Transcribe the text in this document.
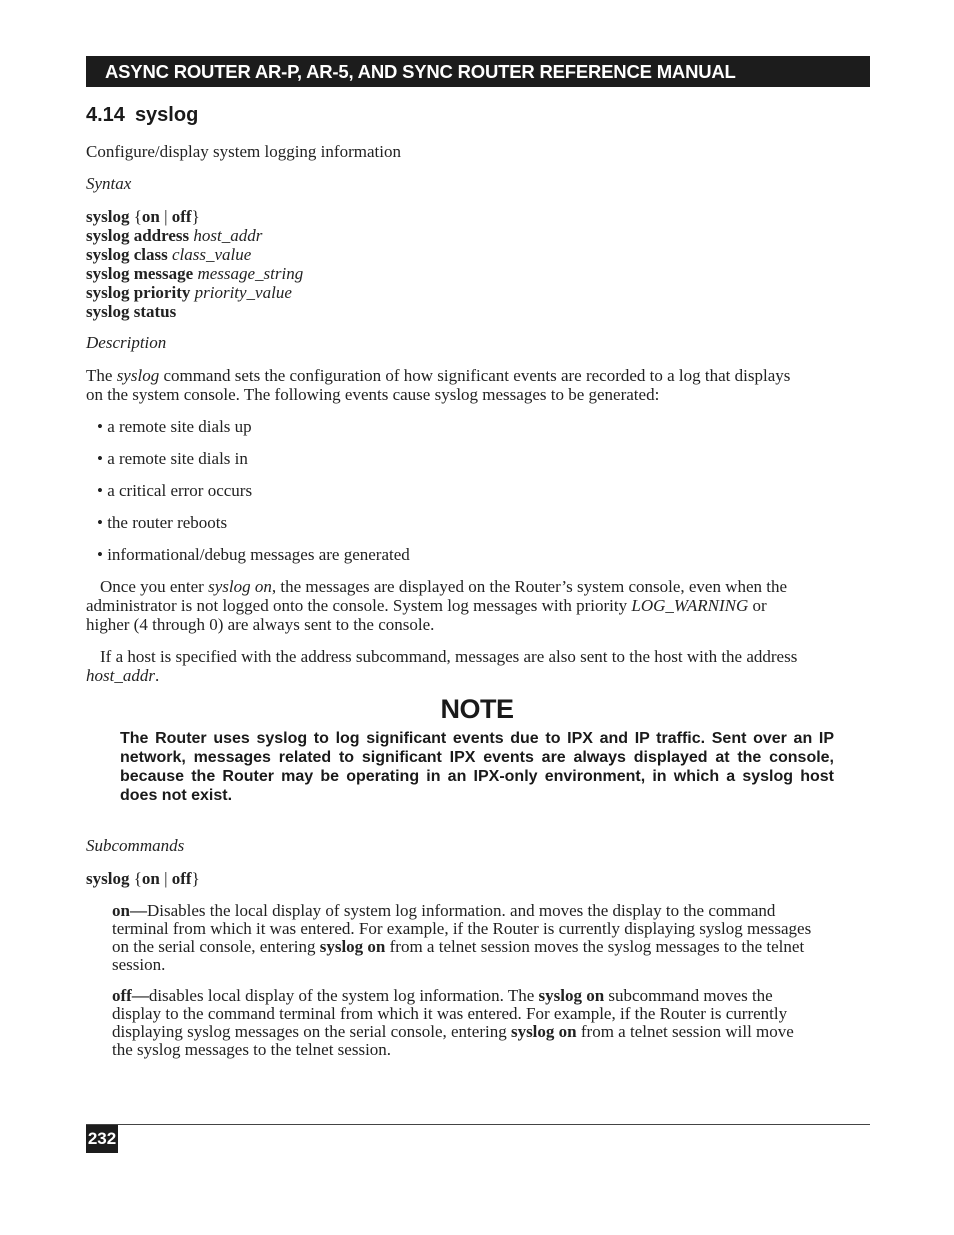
ASYNC ROUTER AR-P, AR-5, AND SYNC ROUTER REFERENCE MANUAL
4.14 syslog
Configure/display system logging information
Syntax
syslog {on | off}
syslog address host_addr
syslog class class_value
syslog message message_string
syslog priority priority_value
syslog status
Description
The syslog command sets the configuration of how significant events are recorded to a log that displays
on the system console. The following events cause syslog messages to be generated:
• a remote site dials up
• a remote site dials in
• a critical error occurs
• the router reboots
• informational/debug messages are generated
Once you enter syslog on, the messages are displayed on the Router’s system console, even when the
administrator is not logged onto the console. System log messages with priority LOG_WARNING or
higher (4 through 0) are always sent to the console.
If a host is specified with the address subcommand, messages are also sent to the host with the address
host_addr.
NOTE
The Router uses syslog to log significant events due to IPX and IP traffic. Sent over an IP network, messages related to significant IPX events are always displayed at the console, because the Router may be operating in an IPX-only environment, in which a syslog host does not exist.
Subcommands
syslog {on | off}
on—Disables the local display of system log information. and moves the display to the command
terminal from which it was entered. For example, if the Router is currently displaying syslog messages
on the serial console, entering syslog on from a telnet session moves the syslog messages to the telnet
session.
off—disables local display of the system log information. The syslog on subcommand moves the
display to the command terminal from which it was entered. For example, if the Router is currently
displaying syslog messages on the serial console, entering syslog on from a telnet session will move
the syslog messages to the telnet session.
232
